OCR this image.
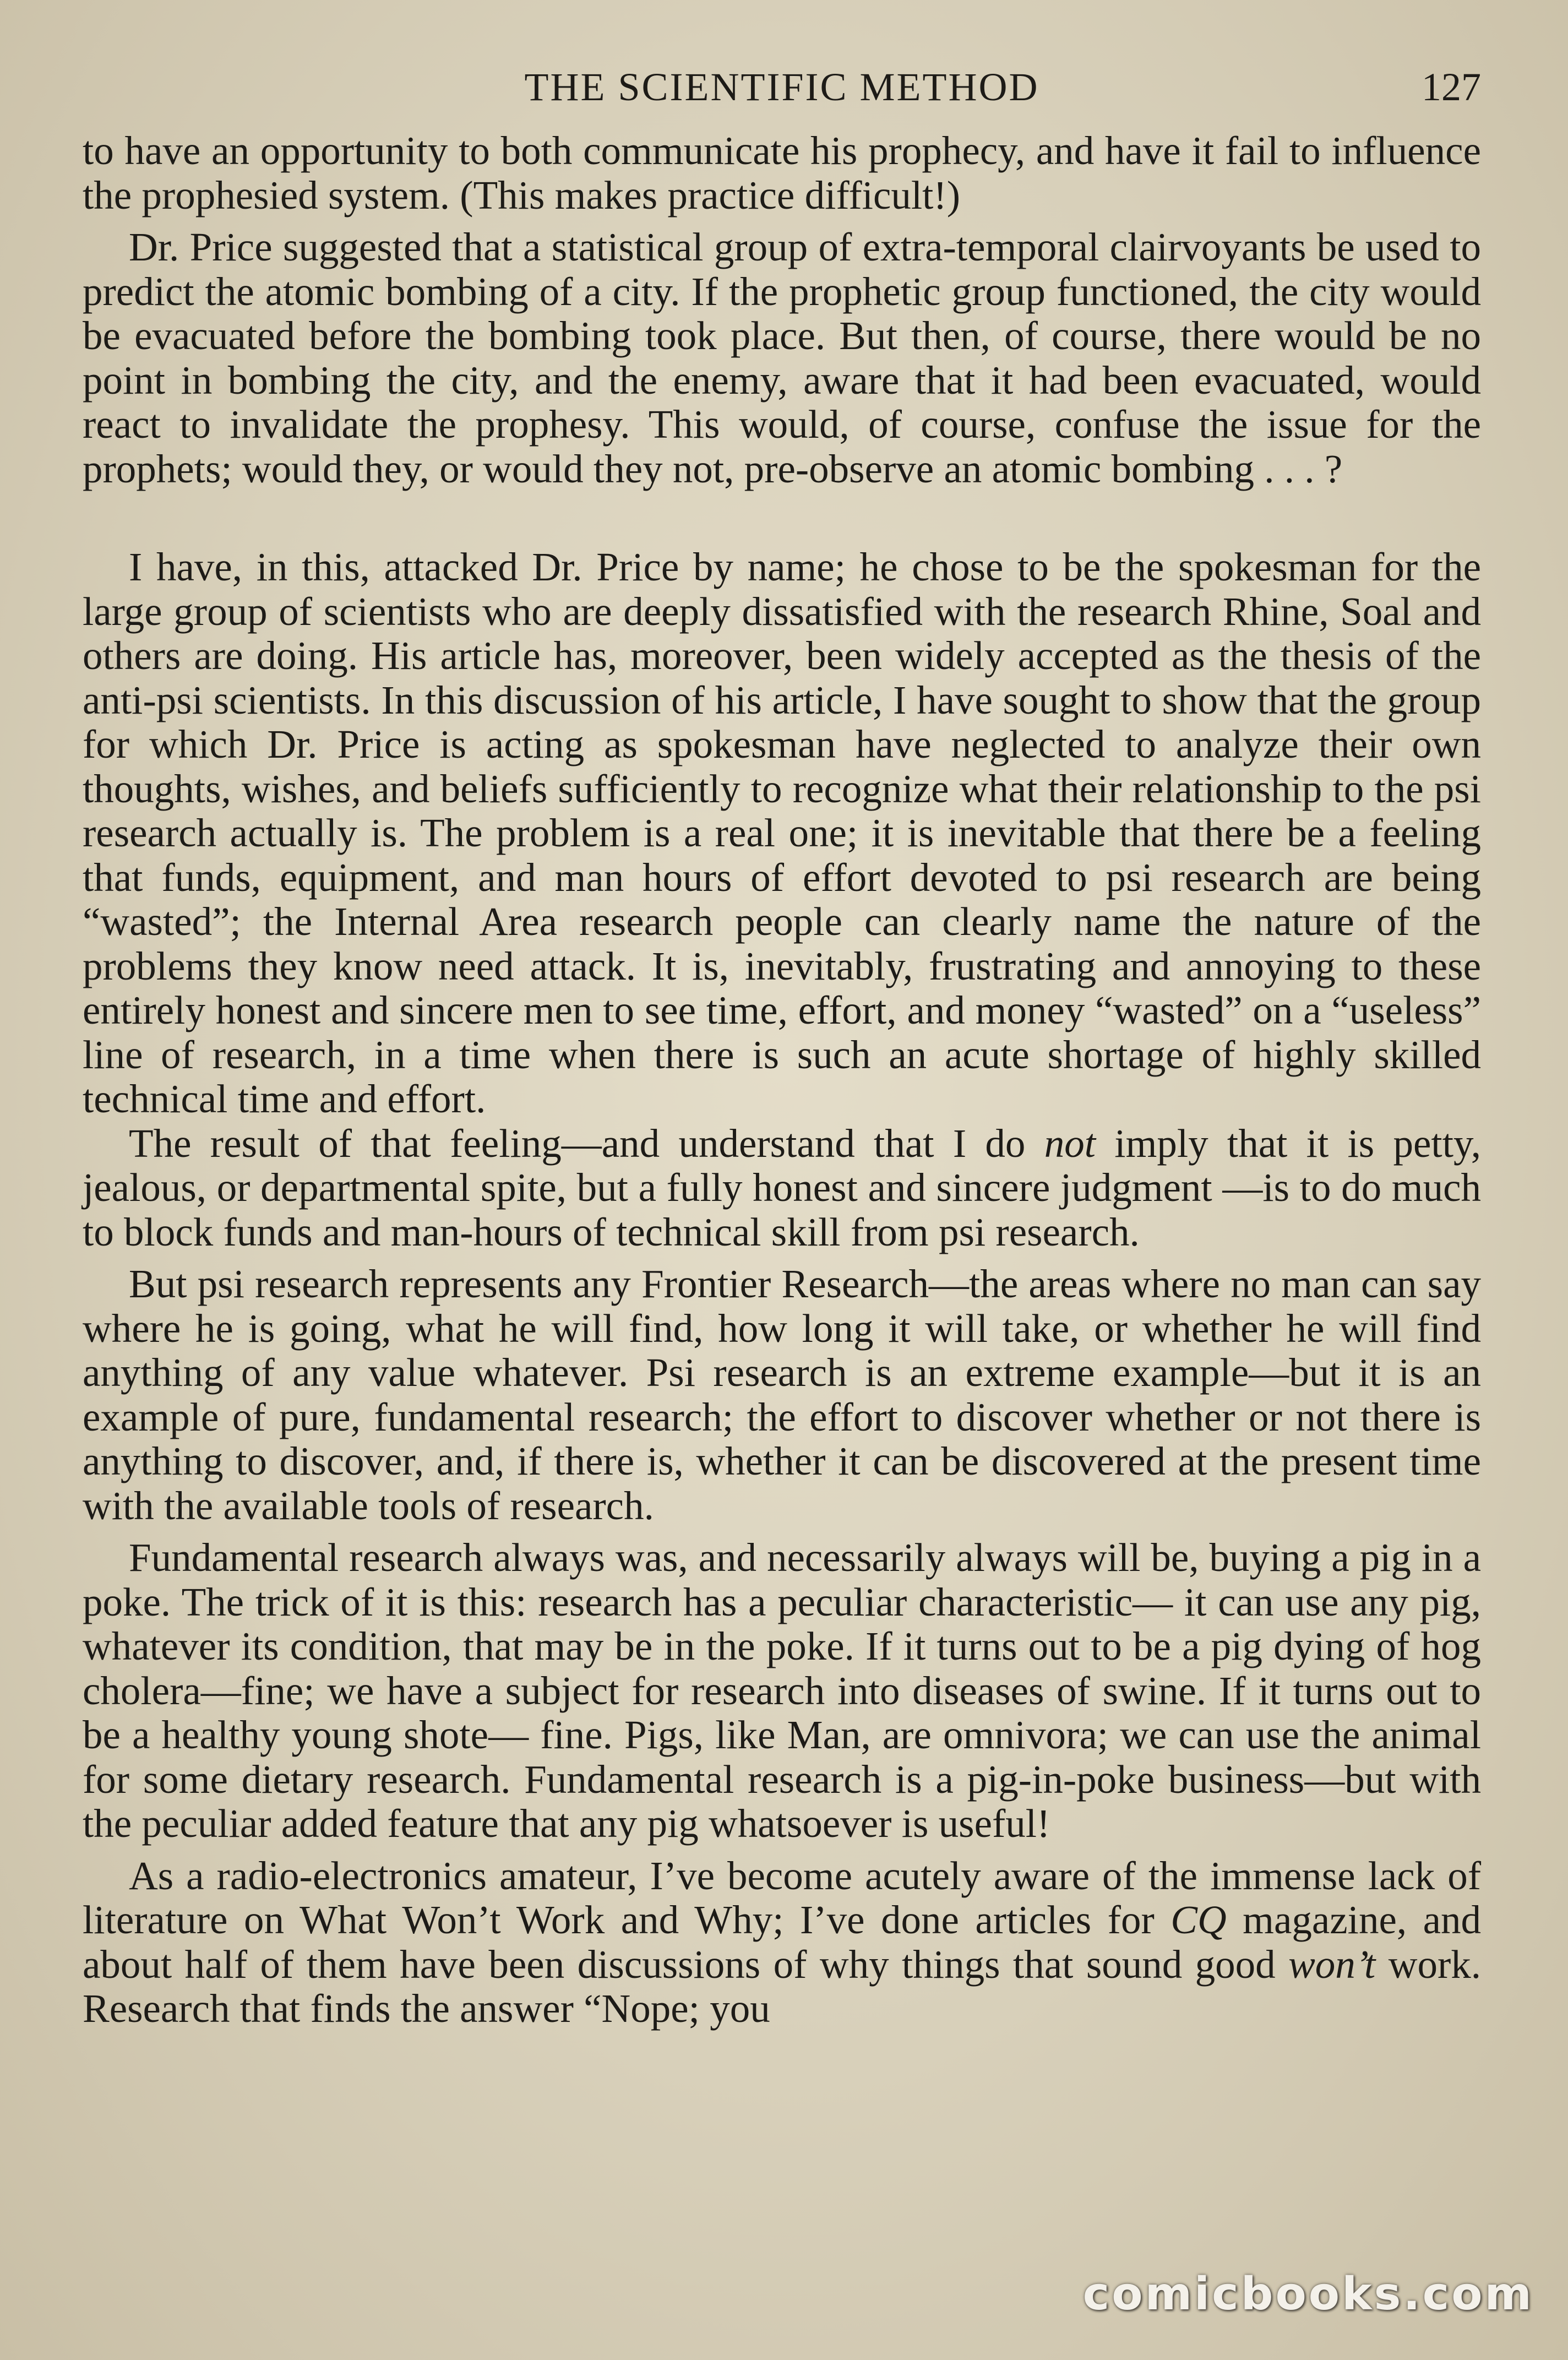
THE SCIENTIFIC METHOD	127

to have an opportunity to both communicate his prophecy, and have it fail to influence the prophesied system. (This makes practice difficult!)

Dr. Price suggested that a statistical group of extra-temporal clairvoyants be used to predict the atomic bombing of a city. If the prophetic group functioned, the city would be evacuated before the bombing took place. But then, of course, there would be no point in bombing the city, and the enemy, aware that it had been evacuated, would react to invalidate the prophesy. This would, of course, confuse the issue for the prophets; would they, or would they not, pre-observe an atomic bombing . . . ?

I have, in this, attacked Dr. Price by name; he chose to be the spokesman for the large group of scientists who are deeply dissatisfied with the research Rhine, Soal and others are doing. His article has, moreover, been widely accepted as the thesis of the anti-psi scientists. In this discussion of his article, I have sought to show that the group for which Dr. Price is acting as spokesman have neglected to analyze their own thoughts, wishes, and beliefs sufficiently to recognize what their relationship to the psi research actually is. The problem is a real one; it is inevitable that there be a feeling that funds, equipment, and man hours of effort devoted to psi research are being “wasted”; the Internal Area research people can clearly name the nature of the problems they know need attack. It is, inevitably, frustrating and annoying to these entirely honest and sincere men to see time, effort, and money “wasted” on a “useless” line of research, in a time when there is such an acute shortage of highly skilled technical time and effort.

The result of that feeling—and understand that I do not imply that it is petty, jealous, or departmental spite, but a fully honest and sincere judgment —is to do much to block funds and man-hours of technical skill from psi research.

But psi research represents any Frontier Research—the areas where no man can say where he is going, what he will find, how long it will take, or whether he will find anything of any value whatever. Psi research is an extreme example—but it is an example of pure, fundamental research; the effort to discover whether or not there is anything to discover, and, if there is, whether it can be discovered at the present time with the available tools of research.

Fundamental research always was, and necessarily always will be, buying a pig in a poke. The trick of it is this: research has a peculiar characteristic— it can use any pig, whatever its condition, that may be in the poke. If it turns out to be a pig dying of hog cholera—fine; we have a subject for research into diseases of swine. If it turns out to be a healthy young shote— fine. Pigs, like Man, are omnivora; we can use the animal for some dietary research. Fundamental research is a pig-in-poke business—but with the peculiar added feature that any pig whatsoever is useful!

As a radio-electronics amateur, I’ve become acutely aware of the immense lack of literature on What Won’t Work and Why; I’ve done articles for CQ magazine, and about half of them have been discussions of why things that sound good won’t work. Research that finds the answer “Nope; you

comicbooks.com
